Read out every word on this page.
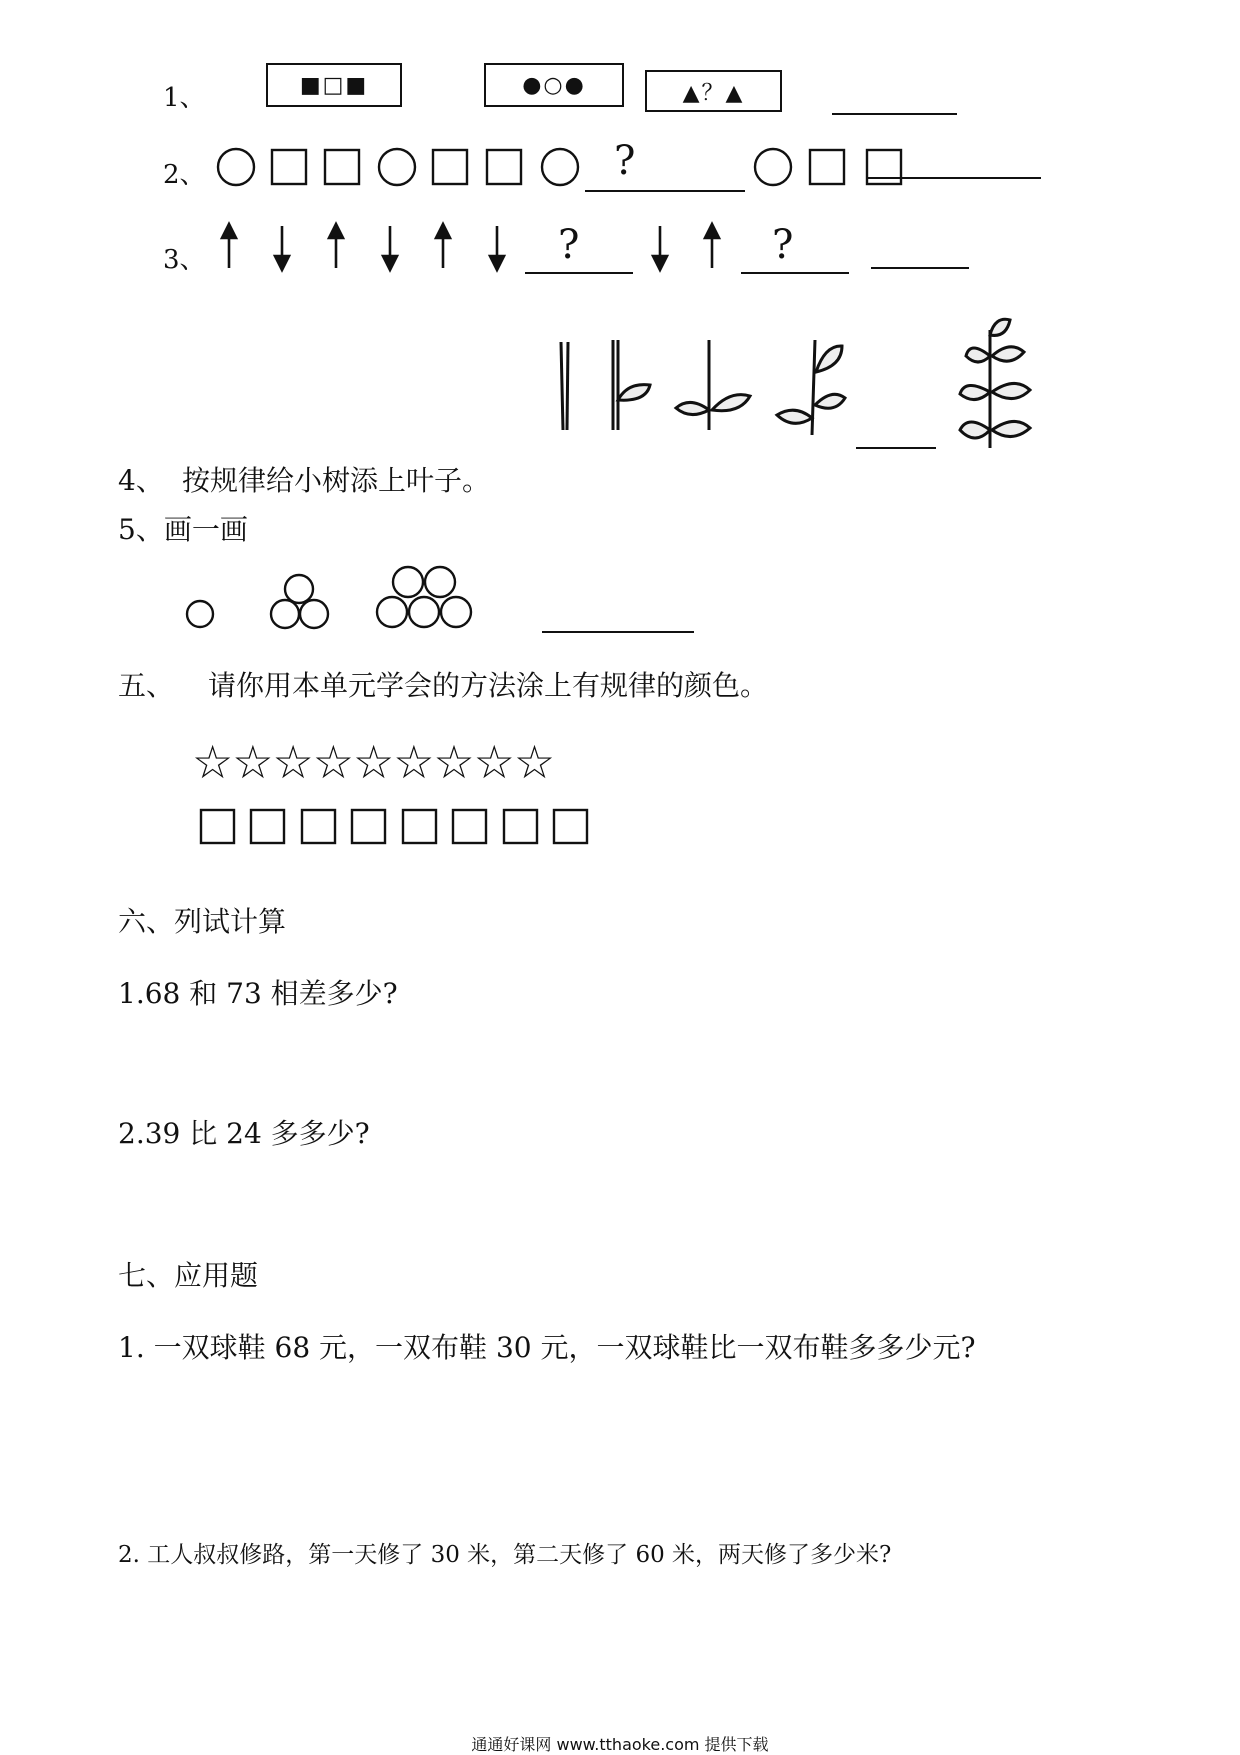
1、	■□■	●○●	▲？▲
2、	?
3、	?	?
4、 按规律给小树添上叶子。
5、画一画
五、 请你用本单元学会的方法涂上有规律的颜色。
☆☆☆☆☆☆☆☆☆
六、列试计算
1.68 和 73 相差多少?
2.39 比 24 多多少?
七、应用题
1. 一双球鞋 68 元，一双布鞋 30 元，一双球鞋比一双布鞋多多少元?
2. 工人叔叔修路，第一天修了 30 米，第二天修了 60 米，两天修了多少米?
通通好课网 www.tthaoke.com 提供下载
